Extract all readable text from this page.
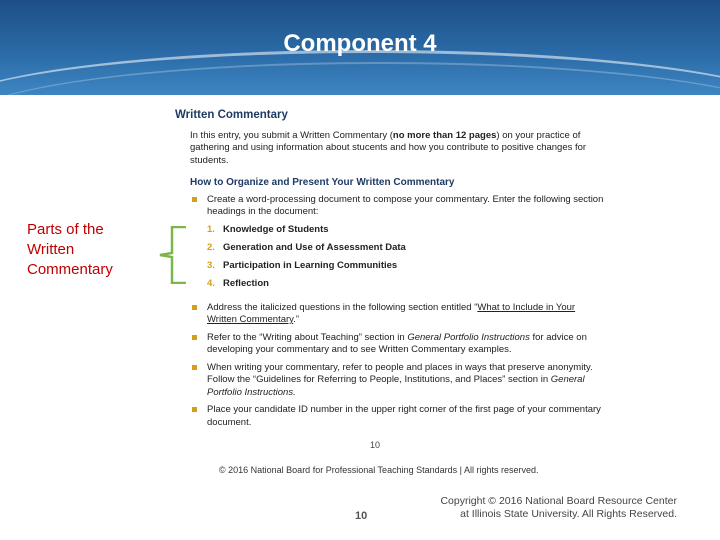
Component 4
Parts of the Written Commentary
Written Commentary
In this entry, you submit a Written Commentary (no more than 12 pages) on your practice of gathering and using information about stucents and how you contribute to positive changes for students.
How to Organize and Present Your Written Commentary
Create a word-processing document to compose your commentary. Enter the following section headings in the document:
1. Knowledge of Students
2. Generation and Use of Assessment Data
3. Participation in Learning Communities
4. Reflection
Address the italicized questions in the following section entitled “What to Include in Your Written Commentary.”
Refer to the “Writing about Teaching” section in General Portfolio Instructions for advice on developing your commentary and to see Written Commentary examples.
When writing your commentary, refer to people and places in ways that preserve anonymity. Follow the “Guidelines for Referring to People, Institutions, and Places” section in General Portfolio Instructions.
Place your candidate ID number in the upper right corner of the first page of your commentary document.
10
© 2016 National Board for Professional Teaching Standards | All rights reserved.
10
Copyright © 2016 National Board Resource Center at Illinois State University. All Rights Reserved.
